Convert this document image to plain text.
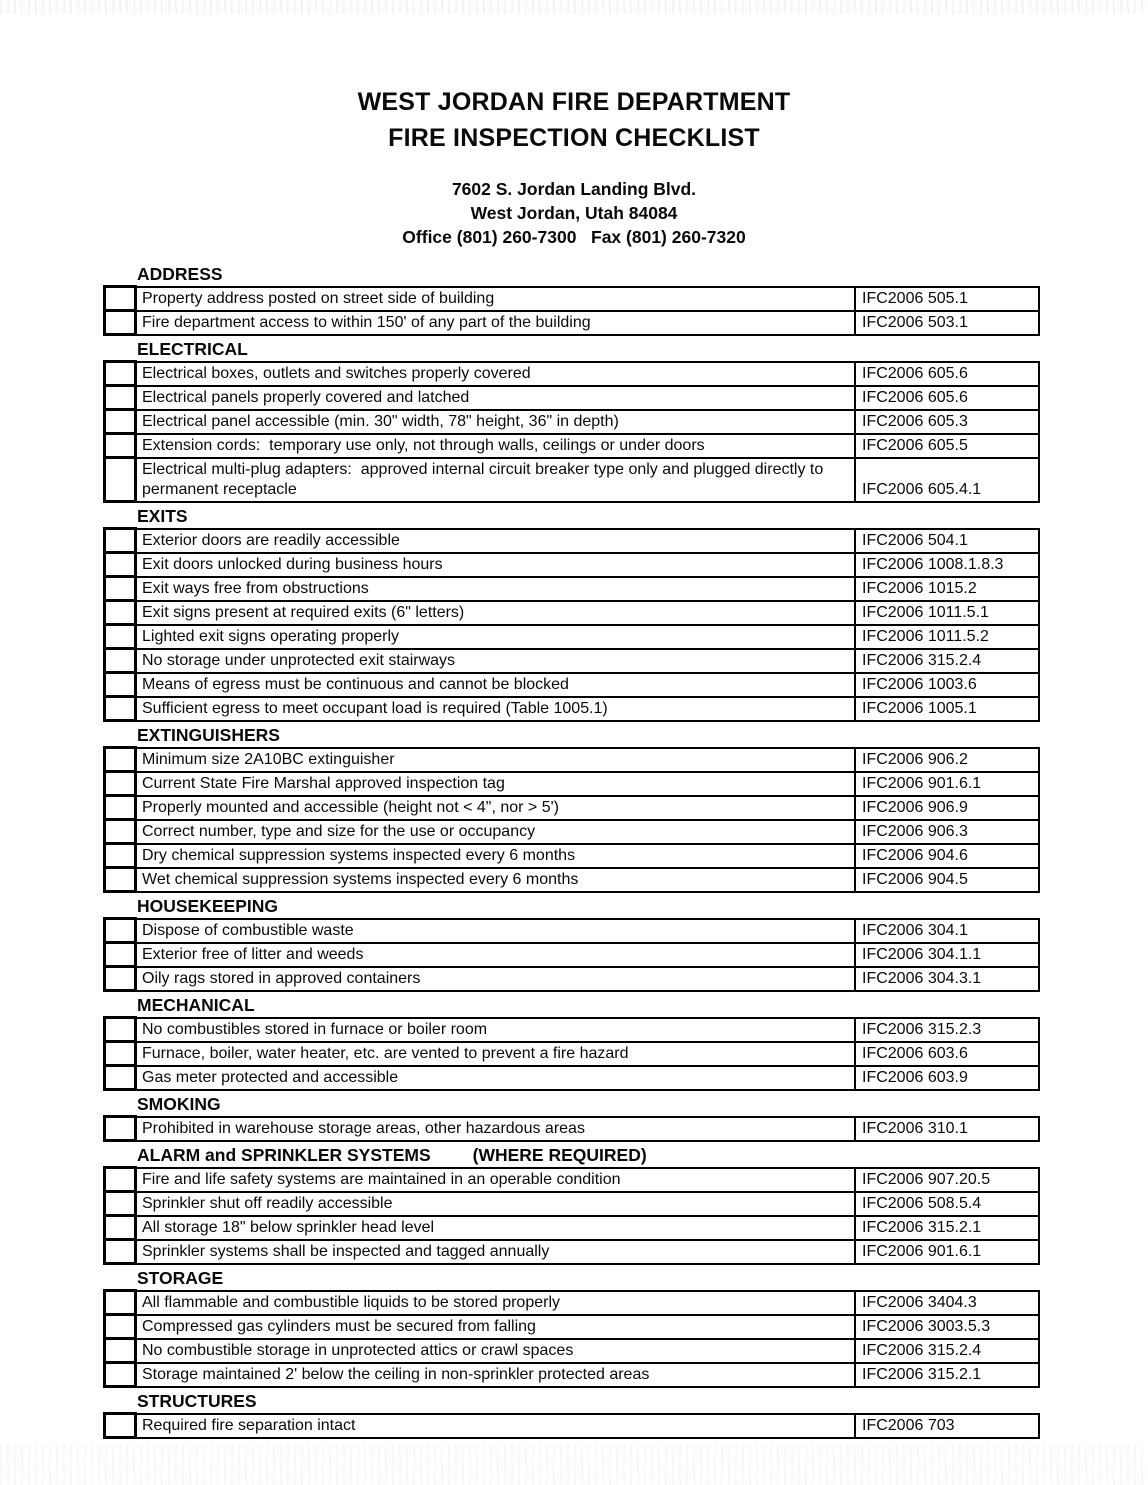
WEST JORDAN FIRE DEPARTMENT
FIRE INSPECTION CHECKLIST
7602 S. Jordan Landing Blvd.
West Jordan, Utah 84084
Office (801) 260-7300   Fax (801) 260-7320
ADDRESS
	Property address posted on street side of building	IFC2006 505.1
	Fire department access to within 150' of any part of the building	IFC2006 503.1
ELECTRICAL
	Electrical boxes, outlets and switches properly covered	IFC2006 605.6
	Electrical panels properly covered and latched	IFC2006 605.6
	Electrical panel accessible (min. 30" width, 78" height, 36" in depth)	IFC2006 605.3
	Extension cords:  temporary use only, not through walls, ceilings or under doors	IFC2006 605.5
	Electrical multi-plug adapters:  approved internal circuit breaker type only and plugged directly to permanent receptacle	IFC2006 605.4.1
EXITS
	Exterior doors are readily accessible	IFC2006 504.1
	Exit doors unlocked during business hours	IFC2006 1008.1.8.3
	Exit ways free from obstructions	IFC2006 1015.2
	Exit signs present at required exits (6" letters)	IFC2006 1011.5.1
	Lighted exit signs operating properly	IFC2006 1011.5.2
	No storage under unprotected exit stairways	IFC2006 315.2.4
	Means of egress must be continuous and cannot be blocked	IFC2006 1003.6
	Sufficient egress to meet occupant load is required (Table 1005.1)	IFC2006 1005.1
EXTINGUISHERS
	Minimum size 2A10BC extinguisher	IFC2006 906.2
	Current State Fire Marshal approved inspection tag	IFC2006 901.6.1
	Properly mounted and accessible (height not < 4", nor > 5')	IFC2006 906.9
	Correct number, type and size for the use or occupancy	IFC2006 906.3
	Dry chemical suppression systems inspected every 6 months	IFC2006 904.6
	Wet chemical suppression systems inspected every 6 months	IFC2006 904.5
HOUSEKEEPING
	Dispose of combustible waste	IFC2006 304.1
	Exterior free of litter and weeds	IFC2006 304.1.1
	Oily rags stored in approved containers	IFC2006 304.3.1
MECHANICAL
	No combustibles stored in furnace or boiler room	IFC2006 315.2.3
	Furnace, boiler, water heater, etc. are vented to prevent a fire hazard	IFC2006 603.6
	Gas meter protected and accessible	IFC2006 603.9
SMOKING
	Prohibited in warehouse storage areas, other hazardous areas	IFC2006 310.1
ALARM and SPRINKLER SYSTEMS (WHERE REQUIRED)
	Fire and life safety systems are maintained in an operable condition	IFC2006 907.20.5
	Sprinkler shut off readily accessible	IFC2006 508.5.4
	All storage 18" below sprinkler head level	IFC2006 315.2.1
	Sprinkler systems shall be inspected and tagged annually	IFC2006 901.6.1
STORAGE
	All flammable and combustible liquids to be stored properly	IFC2006 3404.3
	Compressed gas cylinders must be secured from falling	IFC2006 3003.5.3
	No combustible storage in unprotected attics or crawl spaces	IFC2006 315.2.4
	Storage maintained 2' below the ceiling in non-sprinkler protected areas	IFC2006 315.2.1
STRUCTURES
	Required fire separation intact	IFC2006 703
